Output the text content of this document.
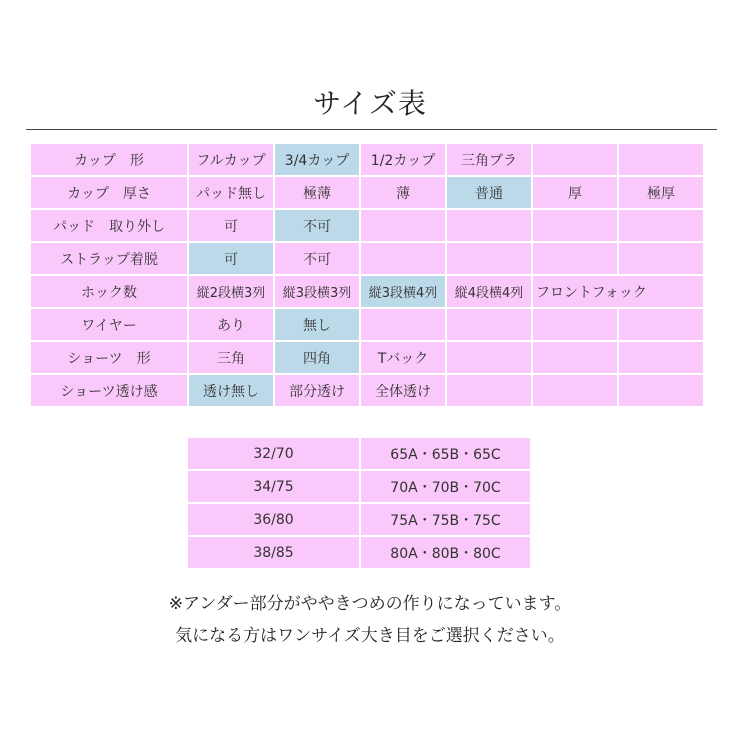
サイズ表
カップ　形	フルカップ	3/4カップ	1/2カップ	三角ブラ		
カップ　厚さ	パッド無し	極薄	薄	普通	厚	極厚
パッド　取り外し	可	不可				
ストラップ着脱	可	不可				
ホック数	縦2段横3列	縦3段横3列	縦3段横4列	縦4段横4列	フロントフォック	
ワイヤー	あり	無し				
ショーツ　形	三角	四角	Tバック			
ショーツ透け感	透け無し	部分透け	全体透け			
32/70	65A・65B・65C
34/75	70A・70B・70C
36/80	75A・75B・75C
38/85	80A・80B・80C
※アンダー部分がややきつめの作りになっています。
気になる方はワンサイズ大き目をご選択ください。
